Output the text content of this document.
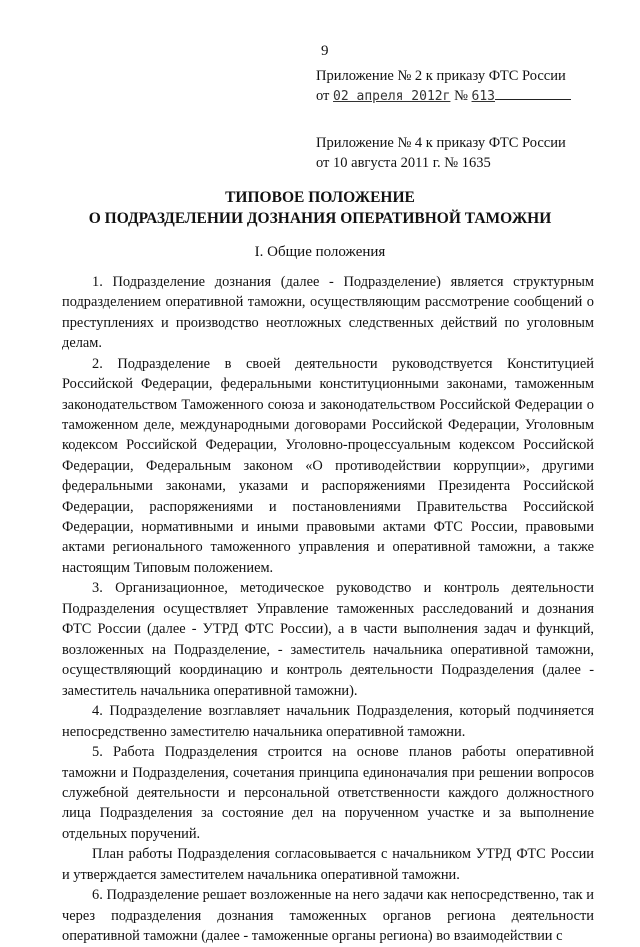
9
Приложение № 2 к приказу ФТС России
от 02 апреля 2012г № 613
Приложение № 4 к приказу ФТС России
от 10 августа 2011 г. № 1635
ТИПОВОЕ ПОЛОЖЕНИЕ
О ПОДРАЗДЕЛЕНИИ ДОЗНАНИЯ ОПЕРАТИВНОЙ ТАМОЖНИ
I. Общие положения

1. Подразделение дознания (далее - Подразделение) является структурным подразделением оперативной таможни, осуществляющим рассмотрение сообщений о преступлениях и производство неотложных следственных действий по уголовным делам.

2. Подразделение в своей деятельности руководствуется Конституцией Российской Федерации, федеральными конституционными законами, таможенным законодательством Таможенного союза и законодательством Российской Федерации о таможенном деле, международными договорами Российской Федерации, Уголовным кодексом Российской Федерации, Уголовно-процессуальным кодексом Российской Федерации, Федеральным законом «О противодействии коррупции», другими федеральными законами, указами и распоряжениями Президента Российской Федерации, распоряжениями и постановлениями Правительства Российской Федерации, нормативными и иными правовыми актами ФТС России, правовыми актами регионального таможенного управления и оперативной таможни, а также настоящим Типовым положением.

3. Организационное, методическое руководство и контроль деятельности Подразделения осуществляет Управление таможенных расследований и дознания ФТС России (далее - УТРД ФТС России), а в части выполнения задач и функций, возложенных на Подразделение, - заместитель начальника оперативной таможни, осуществляющий координацию и контроль деятельности Подразделения (далее - заместитель начальника оперативной таможни).

4. Подразделение возглавляет начальник Подразделения, который подчиняется непосредственно заместителю начальника оперативной таможни.

5. Работа Подразделения строится на основе планов работы оперативной таможни и Подразделения, сочетания принципа единоначалия при решении вопросов служебной деятельности и персональной ответственности каждого должностного лица Подразделения за состояние дел на порученном участке и за выполнение отдельных поручений.

План работы Подразделения согласовывается с начальником УТРД ФТС России и утверждается заместителем начальника оперативной таможни.

6. Подразделение решает возложенные на него задачи как непосредственно, так и через подразделения дознания таможенных органов региона деятельности оперативной таможни (далее - таможенные органы региона) во взаимодействии с
